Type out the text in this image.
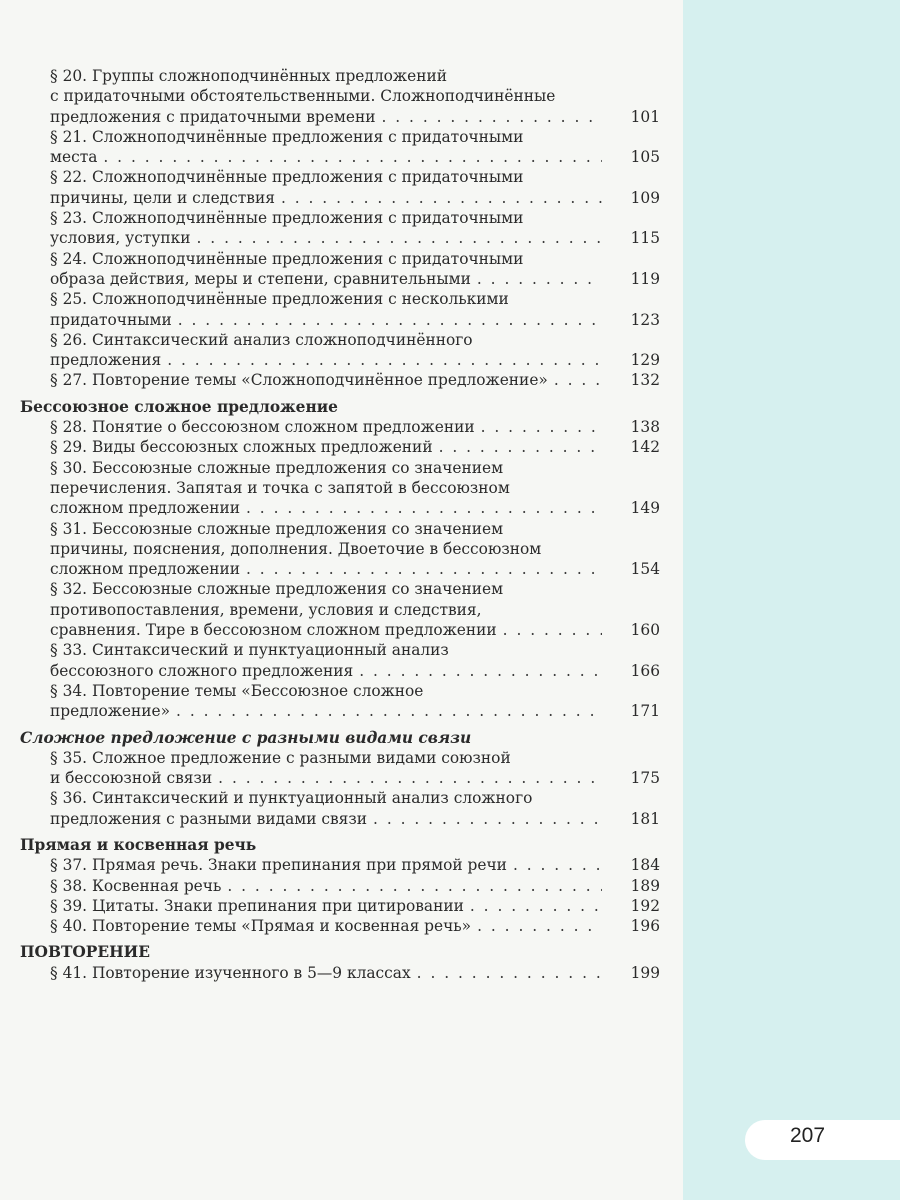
§ 20. Группы сложноподчинённых предложений
с придаточными обстоятельственными. Сложноподчинённые
предложения с придаточными времени . . .	101
§ 21. Сложноподчинённые предложения с придаточными
места . . .	105
§ 22. Сложноподчинённые предложения с придаточными
причины, цели и следствия . . .	109
§ 23. Сложноподчинённые предложения с придаточными
условия, уступки . . .	115
§ 24. Сложноподчинённые предложения с придаточными
образа действия, меры и степени, сравнительными . . .	119
§ 25. Сложноподчинённые предложения с несколькими
придаточными . . .	123
§ 26. Синтаксический анализ сложноподчинённого
предложения . . .	129
§ 27. Повторение темы «Сложноподчинённое предложение» . . .	132
Бессоюзное сложное предложение
§ 28. Понятие о бессоюзном сложном предложении . . .	138
§ 29. Виды бессоюзных сложных предложений . . .	142
§ 30. Бессоюзные сложные предложения со значением
перечисления. Запятая и точка с запятой в бессоюзном
сложном предложении . . .	149
§ 31. Бессоюзные сложные предложения со значением
причины, пояснения, дополнения. Двоеточие в бессоюзном
сложном предложении . . .	154
§ 32. Бессоюзные сложные предложения со значением
противопоставления, времени, условия и следствия,
сравнения. Тире в бессоюзном сложном предложении . . .	160
§ 33. Синтаксический и пунктуационный анализ
бессоюзного сложного предложения . . .	166
§ 34. Повторение темы «Бессоюзное сложное
предложение» . . .	171
Сложное предложение с разными видами связи
§ 35. Сложное предложение с разными видами союзной
и бессоюзной связи . . .	175
§ 36. Синтаксический и пунктуационный анализ сложного
предложения с разными видами связи . . .	181
Прямая и косвенная речь
§ 37. Прямая речь. Знаки препинания при прямой речи . . .	184
§ 38. Косвенная речь . . .	189
§ 39. Цитаты. Знаки препинания при цитировании . . .	192
§ 40. Повторение темы «Прямая и косвенная речь» . . .	196
ПОВТОРЕНИЕ
§ 41. Повторение изученного в 5—9 классах . . .	199
207
